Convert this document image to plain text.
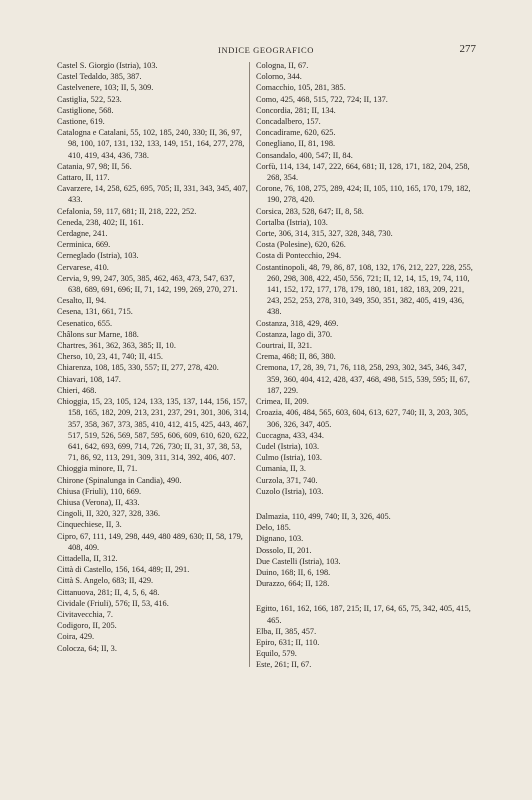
INDICE GEOGRAFICO	277
Castel S. Giorgio (Istria), 103.
Castel Tedaldo, 385, 387.
Castelvenere, 103; II, 5, 309.
Castiglia, 522, 523.
Castiglione, 568.
Castione, 619.
Catalogna e Catalani, 55, 102, 185, 240, 330; II, 36, 97, 98, 100, 107, 131, 132, 133, 149, 151, 164, 277, 278, 410, 419, 434, 436, 738.
Catania, 97, 98; II, 56.
Cattaro, II, 117.
Cavarzere, 14, 258, 625, 695, 705; II, 331, 343, 345, 407, 433.
Cefalonia, 59, 117, 681; II, 218, 222, 252.
Ceneda, 238, 402; II, 161.
Cerdagne, 241.
Cerminica, 669.
Cerneglado (Istria), 103.
Cervarese, 410.
Cervia, 9, 99, 247, 305, 385, 462, 463, 473, 547, 637, 638, 689, 691, 696; II, 71, 142, 199, 269, 270, 271.
Cesalto, II, 94.
Cesena, 131, 661, 715.
Cesenatico, 655.
Châlons sur Marne, 188.
Chartres, 361, 362, 363, 385; II, 10.
Cherso, 10, 23, 41, 740; II, 415.
Chiarenza, 108, 185, 330, 557; II, 277, 278, 420.
Chiavari, 108, 147.
Chieri, 468.
Chioggia, 15, 23, 105, 124, 133, 135, 137, 144, 156, 157, 158, 165, 182, 209, 213, 231, 237, 291, 301, 306, 314, 357, 358, 367, 373, 385, 410, 412, 415, 425, 443, 467, 517, 519, 526, 569, 587, 595, 606, 609, 610, 620, 622, 641, 642, 693, 699, 714, 726, 730; II, 31, 37, 38, 53, 71, 86, 92, 113, 291, 309, 311, 314, 392, 406, 407.
Chioggia minore, II, 71.
Chirone (Spinalunga in Candia), 490.
Chiusa (Friuli), 110, 669.
Chiusa (Verona), II, 433.
Cingoli, II, 320, 327, 328, 336.
Cinquechiese, II, 3.
Cipro, 67, 111, 149, 298, 449, 480 489, 630; II, 58, 179, 408, 409.
Cittadella, II, 312.
Città di Castello, 156, 164, 489; II, 291.
Città S. Angelo, 683; II, 429.
Cittanuova, 281; II, 4, 5, 6, 48.
Cividale (Friuli), 576; II, 53, 416.
Civitavecchia, 7.
Codigoro, II, 205.
Coira, 429.
Colocza, 64; II, 3.
Cologna, II, 67.
Colorno, 344.
Comacchio, 105, 281, 385.
Como, 425, 468, 515, 722, 724; II, 137.
Concordia, 281; II, 134.
Concadalbero, 157.
Concadirame, 620, 625.
Conegliano, II, 81, 198.
Consandalo, 400, 547; II, 84.
Corfù, 114, 134, 147, 222, 664, 681; II, 128, 171, 182, 204, 258, 268, 354.
Corone, 76, 108, 275, 289, 424; II, 105, 110, 165, 170, 179, 182, 190, 278, 420.
Corsica, 283, 528, 647; II, 8, 58.
Cortalba (Istria), 103.
Corte, 306, 314, 315, 327, 328, 348, 730.
Costa (Polesine), 620, 626.
Costa di Pontecchio, 294.
Costantinopoli, 48, 79, 86, 87, 108, 132, 176, 212, 227, 228, 255, 260, 298, 308, 422, 450, 556, 721; II, 12, 14, 15, 19, 74, 110, 141, 152, 172, 177, 178, 179, 180, 181, 182, 183, 209, 221, 243, 252, 253, 278, 310, 349, 350, 351, 382, 405, 419, 436, 438.
Costanza, 318, 429, 469.
Costanza, lago di, 370.
Courtrai, II, 321.
Crema, 468; II, 86, 380.
Cremona, 17, 28, 39, 71, 76, 118, 258, 293, 302, 345, 346, 347, 359, 360, 404, 412, 428, 437, 468, 498, 515, 539, 595; II, 67, 187, 229.
Crimea, II, 209.
Croazia, 406, 484, 565, 603, 604, 613, 627, 740; II, 3, 203, 305, 306, 326, 347, 405.
Cuccagna, 433, 434.
Cudel (Istria), 103.
Culmo (Istria), 103.
Cumania, II, 3.
Curzola, 371, 740.
Cuzolo (Istria), 103.
Dalmazia, 110, 499, 740; II, 3, 326, 405.
Delo, 185.
Dignano, 103.
Dossolo, II, 201.
Due Castelli (Istria), 103.
Duino, 168; II, 6, 198.
Durazzo, 664; II, 128.
Egitto, 161, 162, 166, 187, 215; II, 17, 64, 65, 75, 342, 405, 415, 465.
Elba, II, 385, 457.
Epiro, 631; II, 110.
Equilo, 579.
Este, 261; II, 67.
